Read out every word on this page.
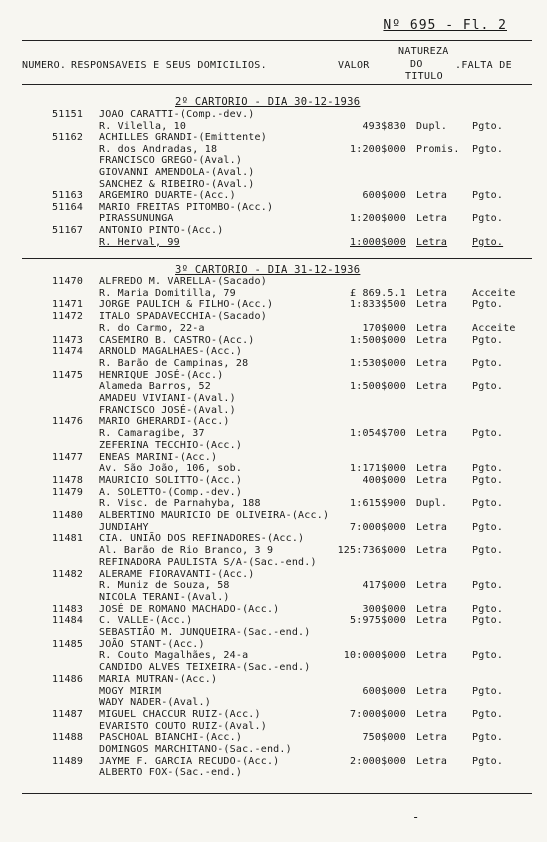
Nº 695 - Fl. 2
NUMERO. RESPONSAVEIS E SEUS DOMICILIOS.	VALOR
NATUREZA
DO
TITULO
.FALTA DE
2º CARTORIO - DIA 30-12-1936
51151 JOAO CARATTI-(Comp.-dev.)
R. Vilella, 10	493$830 Dupl. Pgto.
51162 ACHILLES GRANDI-(Emittente)
R. dos Andradas, 18	1:200$000 Promis. Pgto.
FRANCISCO GREGO-(Aval.)
GIOVANNI AMENDOLA-(Aval.)
SANCHEZ & RIBEIRO-(Aval.)
51163 ARGEMIRO DUARTE-(Acc.)	600$000 Letra Pgto.
51164 MARIO FREITAS PITOMBO-(Acc.)
PIRASSUNUNGA	1:200$000 Letra Pgto.
51167 ANTONIO PINTO-(Acc.)
R. Herval, 99	1:000$000 Letra Pgto.
3º CARTORIO - DIA 31-12-1936
11470 ALFREDO M. VARELLA-(Sacado)
R. Maria Domitilla, 79	£ 869.5.1 Letra Acceite
11471 JORGE PAULICH & FILHO-(Acc.)	1:833$500 Letra Pgto.
11472 ITALO SPADAVECCHIA-(Sacado)
R. do Carmo, 22-a	170$000 Letra Acceite
11473 CASEMIRO B. CASTRO-(Acc.)	1:500$000 Letra Pgto.
11474 ARNOLD MAGALHAES-(Acc.)
R. Barão de Campinas, 28	1:530$000 Letra Pgto.
11475 HENRIQUE JOSÉ-(Acc.)
Alameda Barros, 52	1:500$000 Letra Pgto.
AMADEU VIVIANI-(Aval.)
FRANCISCO JOSÉ-(Aval.)
11476 MARIO GHERARDI-(Acc.)
R. Camaragibe, 37	1:054$700 Letra Pgto.
ZEFERINA TECCHIO-(Acc.)
11477 ENEAS MARINI-(Acc.)
Av. São João, 106, sob.	1:171$000 Letra Pgto.
11478 MAURICIO SOLITTO-(Acc.)	400$000 Letra Pgto.
11479 A. SOLETTO-(Comp.-dev.)
R. Visc. de Parnahyba, 188	1:615$900 Dupl. Pgto.
11480 ALBERTINO MAURICIO DE OLIVEIRA-(Acc.)
JUNDIAHY	7:000$000 Letra Pgto.
11481 CIA. UNIÃO DOS REFINADORES-(Acc.)
Al. Barão de Rio Branco, 3 9	125:736$000 Letra Pgto.
REFINADORA PAULISTA S/A-(Sac.-end.)
11482 ALERAME FIORAVANTI-(Acc.)
R. Muniz de Souza, 58	417$000 Letra Pgto.
NICOLA TERANI-(Aval.)
11483 JOSÉ DE ROMANO MACHADO-(Acc.)	300$000 Letra Pgto.
11484 C. VALLE-(Acc.)	5:975$000 Letra Pgto.
SEBASTIÃO M. JUNQUEIRA-(Sac.-end.)
11485 JOÃO STANT-(Acc.)
R. Couto Magalhães, 24-a	10:000$000 Letra Pgto.
CANDIDO ALVES TEIXEIRA-(Sac.-end.)
11486 MARIA MUTRAN-(Acc.)
MOGY MIRIM	600$000 Letra Pgto.
WADY NADER-(Aval.)
11487 MIGUEL CHACCUR RUIZ-(Acc.)	7:000$000 Letra Pgto.
EVARISTO COUTO RUIZ-(Aval.)
11488 PASCHOAL BIANCHI-(Acc.)	750$000 Letra Pgto.
DOMINGOS MARCHITANO-(Sac.-end.)
11489 JAYME F. GARCIA RECUDO-(Acc.)	2:000$000 Letra Pgto.
ALBERTO FOX-(Sac.-end.)
-
